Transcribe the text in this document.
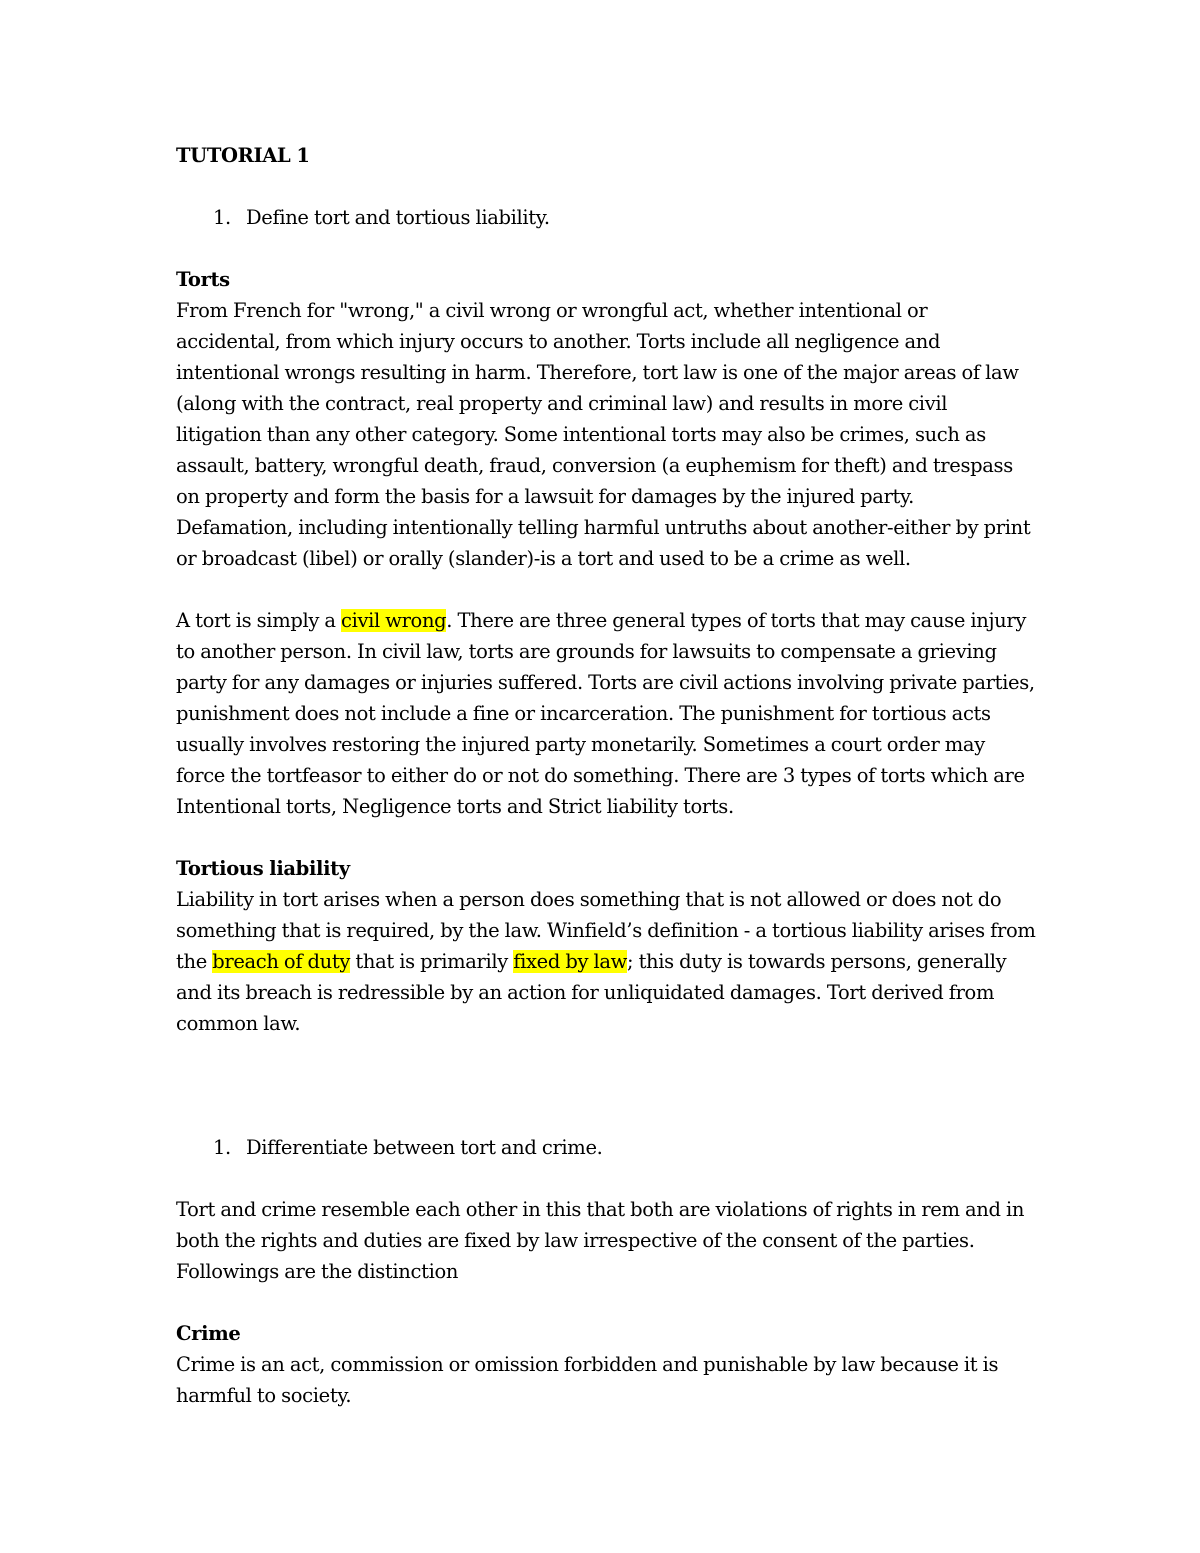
TUTORIAL 1

1. Define tort and tortious liability.

Torts

From French for "wrong," a civil wrong or wrongful act, whether intentional or accidental, from which injury occurs to another. Torts include all negligence and intentional wrongs resulting in harm. Therefore, tort law is one of the major areas of law (along with the contract, real property and criminal law) and results in more civil litigation than any other category. Some intentional torts may also be crimes, such as assault, battery, wrongful death, fraud, conversion (a euphemism for theft) and trespass on property and form the basis for a lawsuit for damages by the injured party. Defamation, including intentionally telling harmful untruths about another-either by print or broadcast (libel) or orally (slander)-is a tort and used to be a crime as well.

A tort is simply a civil wrong. There are three general types of torts that may cause injury to another person. In civil law, torts are grounds for lawsuits to compensate a grieving party for any damages or injuries suffered. Torts are civil actions involving private parties, punishment does not include a fine or incarceration. The punishment for tortious acts usually involves restoring the injured party monetarily. Sometimes a court order may force the tortfeasor to either do or not do something. There are 3 types of torts which are Intentional torts, Negligence torts and Strict liability torts.

Tortious liability

Liability in tort arises when a person does something that is not allowed or does not do something that is required, by the law. Winfield’s definition - a tortious liability arises from the breach of duty that is primarily fixed by law; this duty is towards persons, generally and its breach is redressible by an action for unliquidated damages. Tort derived from common law.

1. Differentiate between tort and crime.

Tort and crime resemble each other in this that both are violations of rights in rem and in both the rights and duties are fixed by law irrespective of the consent of the parties. Followings are the distinction

Crime

Crime is an act, commission or omission forbidden and punishable by law because it is harmful to society.
